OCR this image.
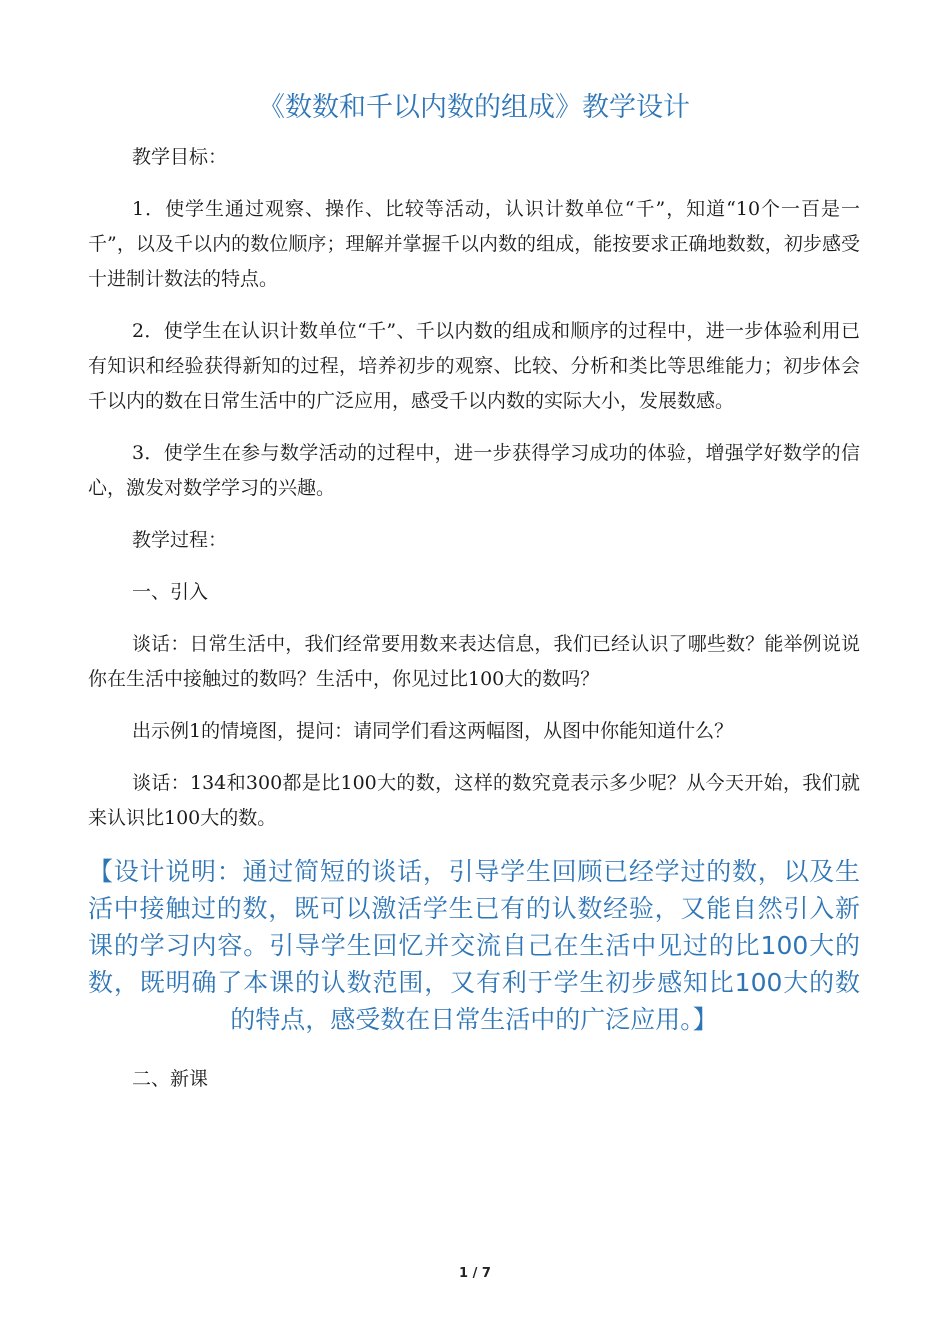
《数数和千以内数的组成》教学设计

教学目标：

1．使学生通过观察、操作、比较等活动，认识计数单位“千”，知道“10个一百是一千”，以及千以内的数位顺序；理解并掌握千以内数的组成，能按要求正确地数数，初步感受十进制计数法的特点。

2．使学生在认识计数单位“千”、千以内数的组成和顺序的过程中，进一步体验利用已有知识和经验获得新知的过程，培养初步的观察、比较、分析和类比等思维能力；初步体会千以内的数在日常生活中的广泛应用，感受千以内数的实际大小，发展数感。

3．使学生在参与数学活动的过程中，进一步获得学习成功的体验，增强学好数学的信心，激发对数学学习的兴趣。

教学过程：

一、引入

谈话：日常生活中，我们经常要用数来表达信息，我们已经认识了哪些数？能举例说说你在生活中接触过的数吗？生活中，你见过比100大的数吗？

出示例1的情境图，提问：请同学们看这两幅图，从图中你能知道什么？

谈话：134和300都是比100大的数，这样的数究竟表示多少呢？从今天开始，我们就来认识比100大的数。

【设计说明：通过简短的谈话，引导学生回顾已经学过的数，以及生活中接触过的数，既可以激活学生已有的认数经验，又能自然引入新课的学习内容。引导学生回忆并交流自己在生活中见过的比100大的数，既明确了本课的认数范围，又有利于学生初步感知比100大的数的特点，感受数在日常生活中的广泛应用。】

二、新课

1 / 7
